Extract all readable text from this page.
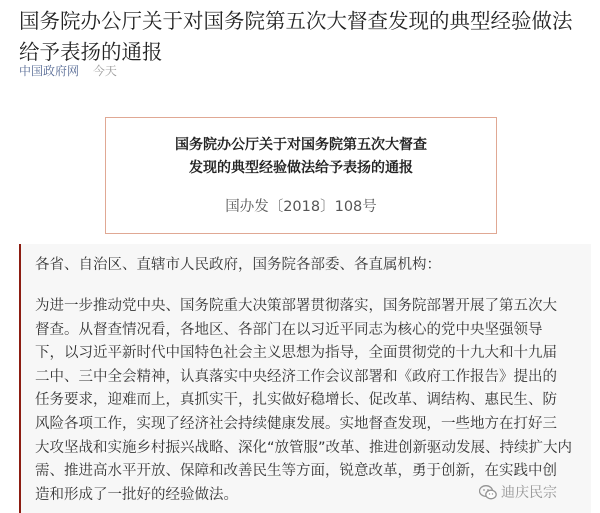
国务院办公厅关于对国务院第五次大督查发现的典型经验做法给予表扬的通报
中国政府网 今天
国务院办公厅关于对国务院第五次大督查
发现的典型经验做法给予表扬的通报
国办发〔2018〕108号

各省、自治区、直辖市人民政府，国务院各部委、各直属机构：

为进一步推动党中央、国务院重大决策部署贯彻落实，国务院部署开展了第五次大
督查。从督查情况看，各地区、各部门在以习近平同志为核心的党中央坚强领导
下，以习近平新时代中国特色社会主义思想为指导，全面贯彻党的十九大和十九届
二中、三中全会精神，认真落实中央经济工作会议部署和《政府工作报告》提出的
任务要求，迎难而上，真抓实干，扎实做好稳增长、促改革、调结构、惠民生、防
风险各项工作，实现了经济社会持续健康发展。实地督查发现，一些地方在打好三
大攻坚战和实施乡村振兴战略、深化“放管服”改革、推进创新驱动发展、持续扩大内
需、推进高水平开放、保障和改善民生等方面，锐意改革，勇于创新，在实践中创
造和形成了一批好的经验做法。	迪庆民宗
